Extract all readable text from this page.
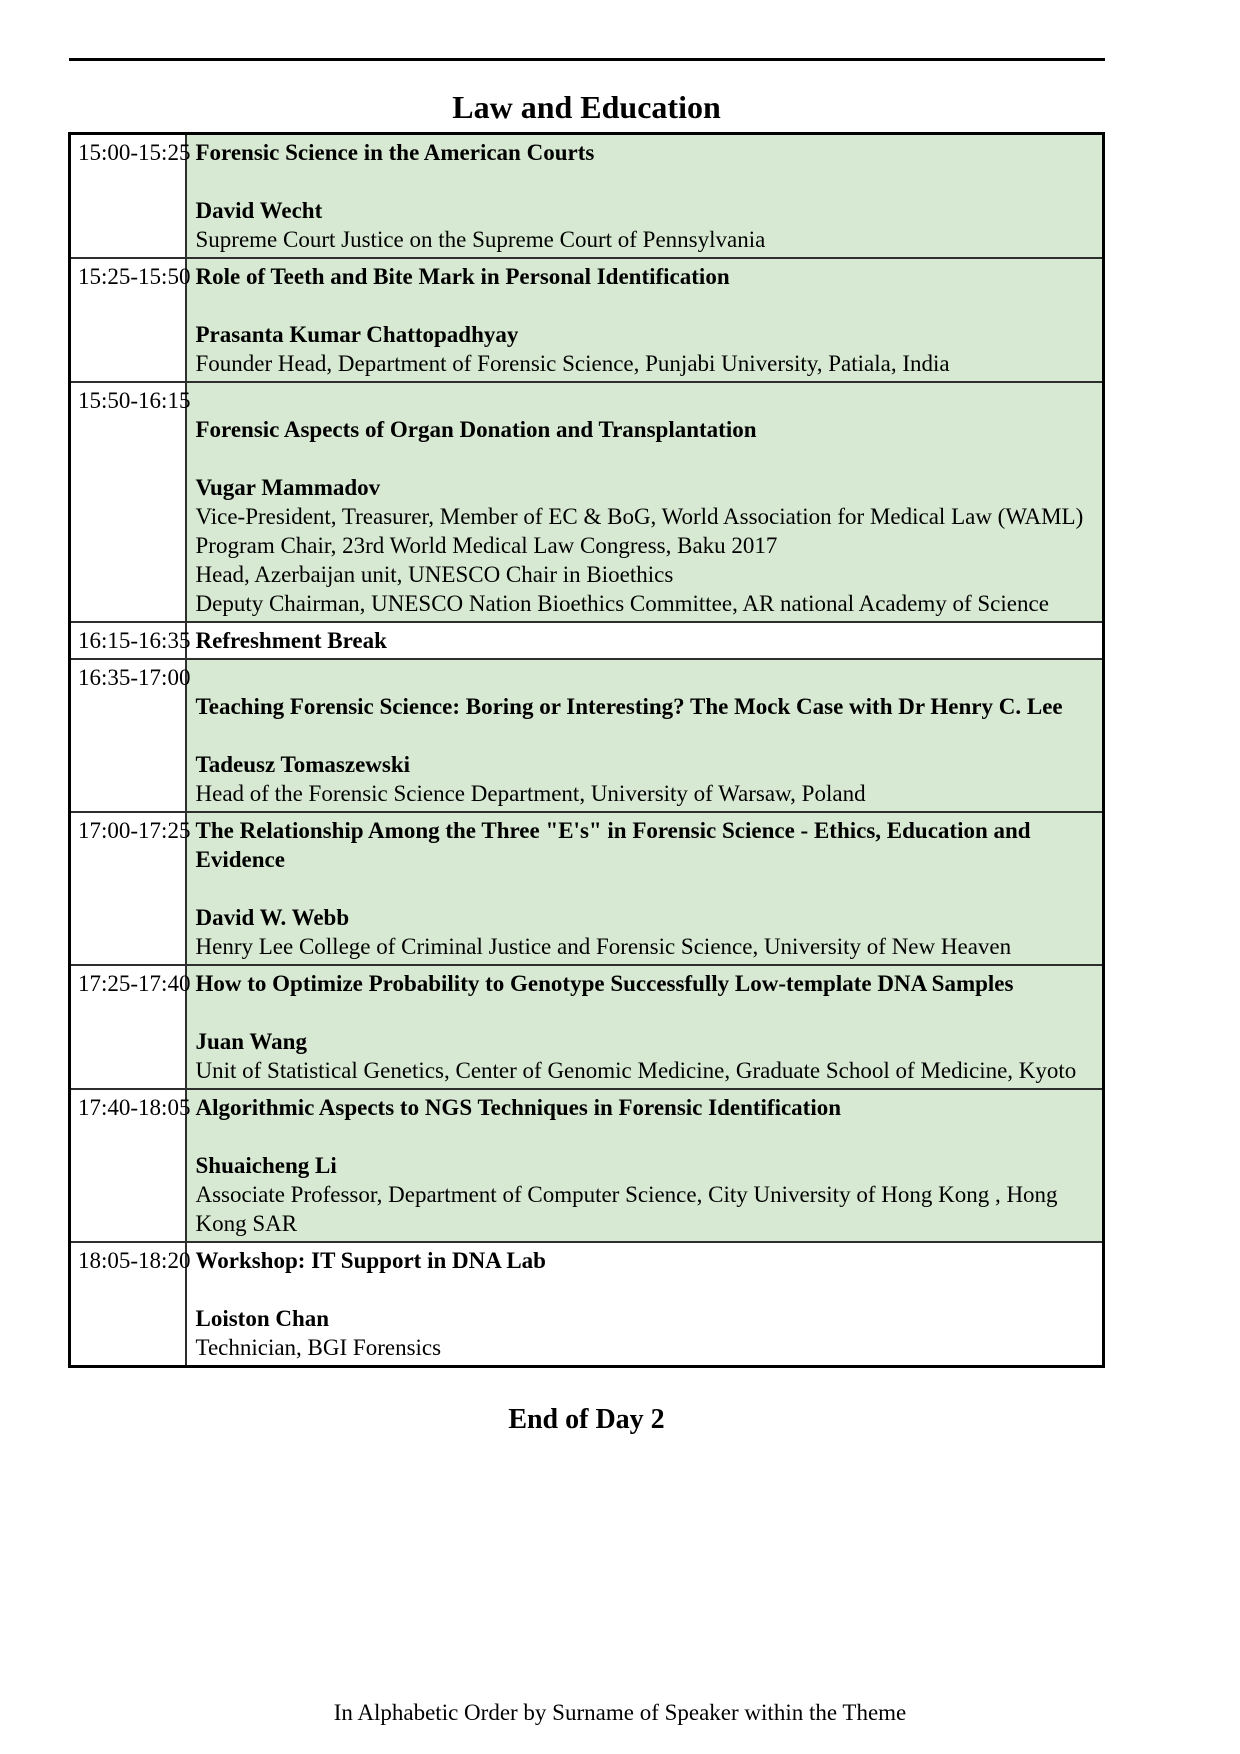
Law and Education
15:00-15:25	Forensic Science in the American Courts

David Wecht
Supreme Court Justice on the Supreme Court of Pennsylvania

15:25-15:50	Role of Teeth and Bite Mark in Personal Identification

Prasanta Kumar Chattopadhyay
Founder Head, Department of Forensic Science, Punjabi University, Patiala, India

15:50-16:15	

Forensic Aspects of Organ Donation and Transplantation

Vugar Mammadov
Vice-President, Treasurer, Member of EC & BoG, World Association for Medical Law (WAML)
Program Chair, 23rd World Medical Law Congress, Baku 2017
Head, Azerbaijan unit, UNESCO Chair in Bioethics
Deputy Chairman, UNESCO Nation Bioethics Committee, AR national Academy of Science

16:15-16:35	Refreshment Break

16:35-17:00	Teaching Forensic Science: Boring or Interesting? The Mock Case with Dr Henry C. Lee

Tadeusz Tomaszewski
Head of the Forensic Science Department, University of Warsaw, Poland

17:00-17:25	The Relationship Among the Three "E's" in Forensic Science - Ethics, Education and
Evidence

David W. Webb
Henry Lee College of Criminal Justice and Forensic Science, University of New Heaven

17:25-17:40	How to Optimize Probability to Genotype Successfully Low-template DNA Samples

Juan Wang
Unit of Statistical Genetics, Center of Genomic Medicine, Graduate School of Medicine, Kyoto

17:40-18:05	Algorithmic Aspects to NGS Techniques in Forensic Identification

Shuaicheng Li
Associate Professor, Department of Computer Science, City University of Hong Kong , Hong
Kong SAR

18:05-18:20	Workshop: IT Support in DNA Lab

Loiston Chan
Technician, BGI Forensics
End of Day 2
In Alphabetic Order by Surname of Speaker within the Theme
